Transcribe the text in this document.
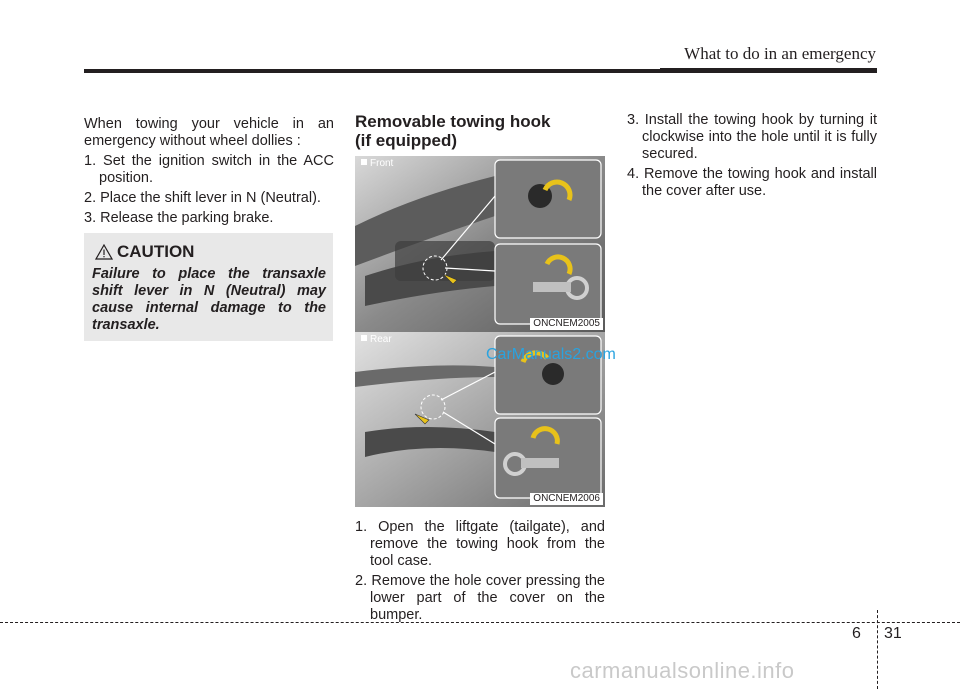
What to do in an emergency

When towing your vehicle in an emergency without wheel dollies :

1. Set the ignition switch in the ACC position.

2. Place the shift lever in N (Neutral).

3. Release the parking brake.

CAUTION
Failure to place the transaxle shift lever in N (Neutral) may cause internal damage to the transaxle.

Removable towing hook
(if equipped)

Front
ONCNEM2005
Rear
ONCNEM2006
CarManuals2.com

1. Open the liftgate (tailgate), and remove the towing hook from the tool case.

2. Remove the hole cover pressing the lower part of the cover on the bumper.

3. Install the towing hook by turning it clockwise into the hole until it is fully secured.

4. Remove the towing hook and install the cover after use.

6 31
carmanualsonline.info
